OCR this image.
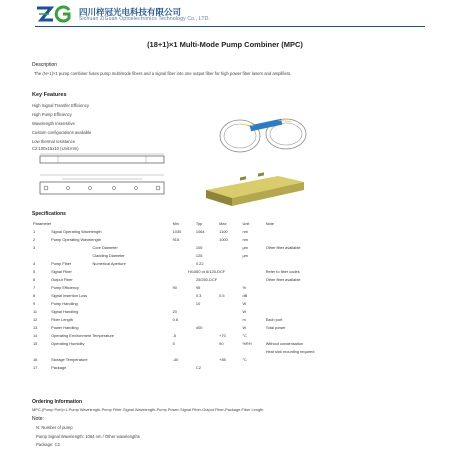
四川梓冠光电科技有限公司
Sichuan ZiGuan Optoelectronics Technology Co., LTD.
(18+1)×1 Multi-Mode Pump Combiner (MPC)
Description
The (N+1)×1 pump combiner fuses pump multimode fibers and a signal fiber into one output fiber for high power fiber lasers and amplifiers.
Key Features
High Signal Transfer Efficiency
High Pump Efficiency
Wavelength Insensitive
Custom configurations available
Low thermal resistance
C2:100x15x10 (Unit:mm)
Specifications
Parameter			Min	Typ	Max	Unit	Note
1	Signal Operating Wavelength		1030	1064	1100	nm	
2	Pump Operating Wavelength		915		1000	nm	
3		Core Diameter		105		μm	Other fiber available
		Cladding Diameter		125		μm	
4	Pump Fiber	Numerical Aperture		0.22			
5	Signal Fiber		HI1060 or 6/125-DCF				Refer to fiber codes
6	Output Fiber		25/250-DCF				Other fiber available
7	Pump Efficiency		90	95		%	
8	Signal Insertion Loss			0.3	0.5	dB	
9	Pump Handling			10		W	
11	Signal Handling		20			W	
12	Fiber Length		0.8			m	Each port
13	Power Handling			400		W	Total power
14	Operating Environment Temperature		-5		+70	°C	
15	Operating Humidity		5		90	%RH	Without condensation
							Heat sink mounting required
16	Storage Temperature		-40		+85	°C	
17	Package			C2			
Ordering Information
MPC-(Pump Port)×1-Pump Wavelength-Pump Fiber-Signal Wavelength-Pump Power-Signal Fiber-Output Fiber-Package-Fiber Length
Note:
N: Number of pump
Pump Signal Wavelength: 1064 nm / Other wavelengths
Package: C2
